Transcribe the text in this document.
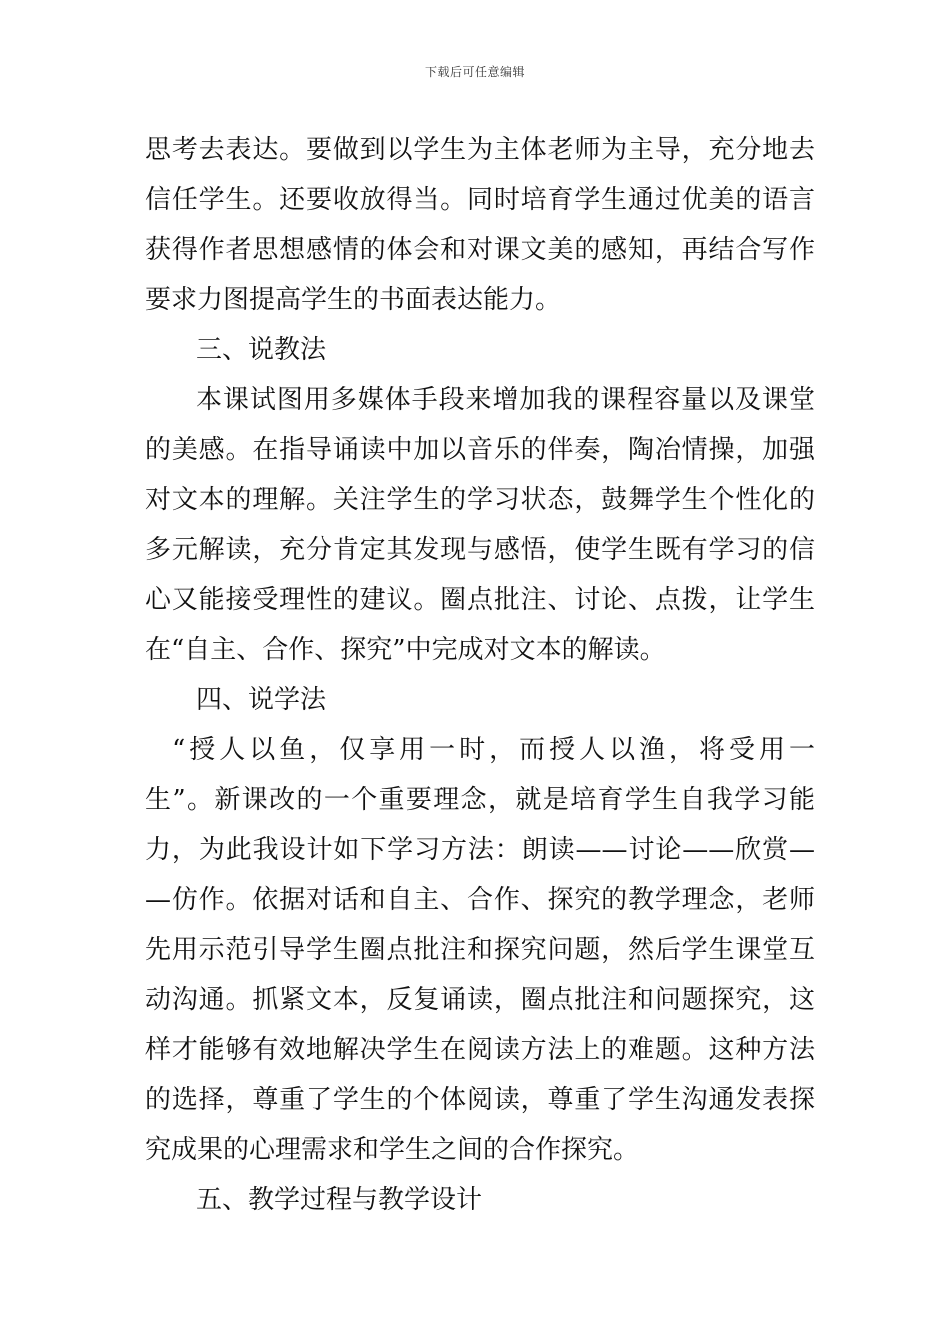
下载后可任意编辑
思考去表达。要做到以学生为主体老师为主导，充分地去
信任学生。还要收放得当。同时培育学生通过优美的语言
获得作者思想感情的体会和对课文美的感知，再结合写作
要求力图提高学生的书面表达能力。
三、说教法
本课试图用多媒体手段来增加我的课程容量以及课堂
的美感。在指导诵读中加以音乐的伴奏，陶冶情操，加强
对文本的理解。关注学生的学习状态，鼓舞学生个性化的
多元解读，充分肯定其发现与感悟，使学生既有学习的信
心又能接受理性的建议。圈点批注、讨论、点拨，让学生
在“自主、合作、探究”中完成对文本的解读。
四、说学法
“授人以鱼，仅享用一时，而授人以渔，将受用一
生”。新课改的一个重要理念，就是培育学生自我学习能
力，为此我设计如下学习方法：朗读——讨论——欣赏—
—仿作。依据对话和自主、合作、探究的教学理念，老师
先用示范引导学生圈点批注和探究问题，然后学生课堂互
动沟通。抓紧文本，反复诵读，圈点批注和问题探究，这
样才能够有效地解决学生在阅读方法上的难题。这种方法
的选择，尊重了学生的个体阅读，尊重了学生沟通发表探
究成果的心理需求和学生之间的合作探究。
五、教学过程与教学设计
